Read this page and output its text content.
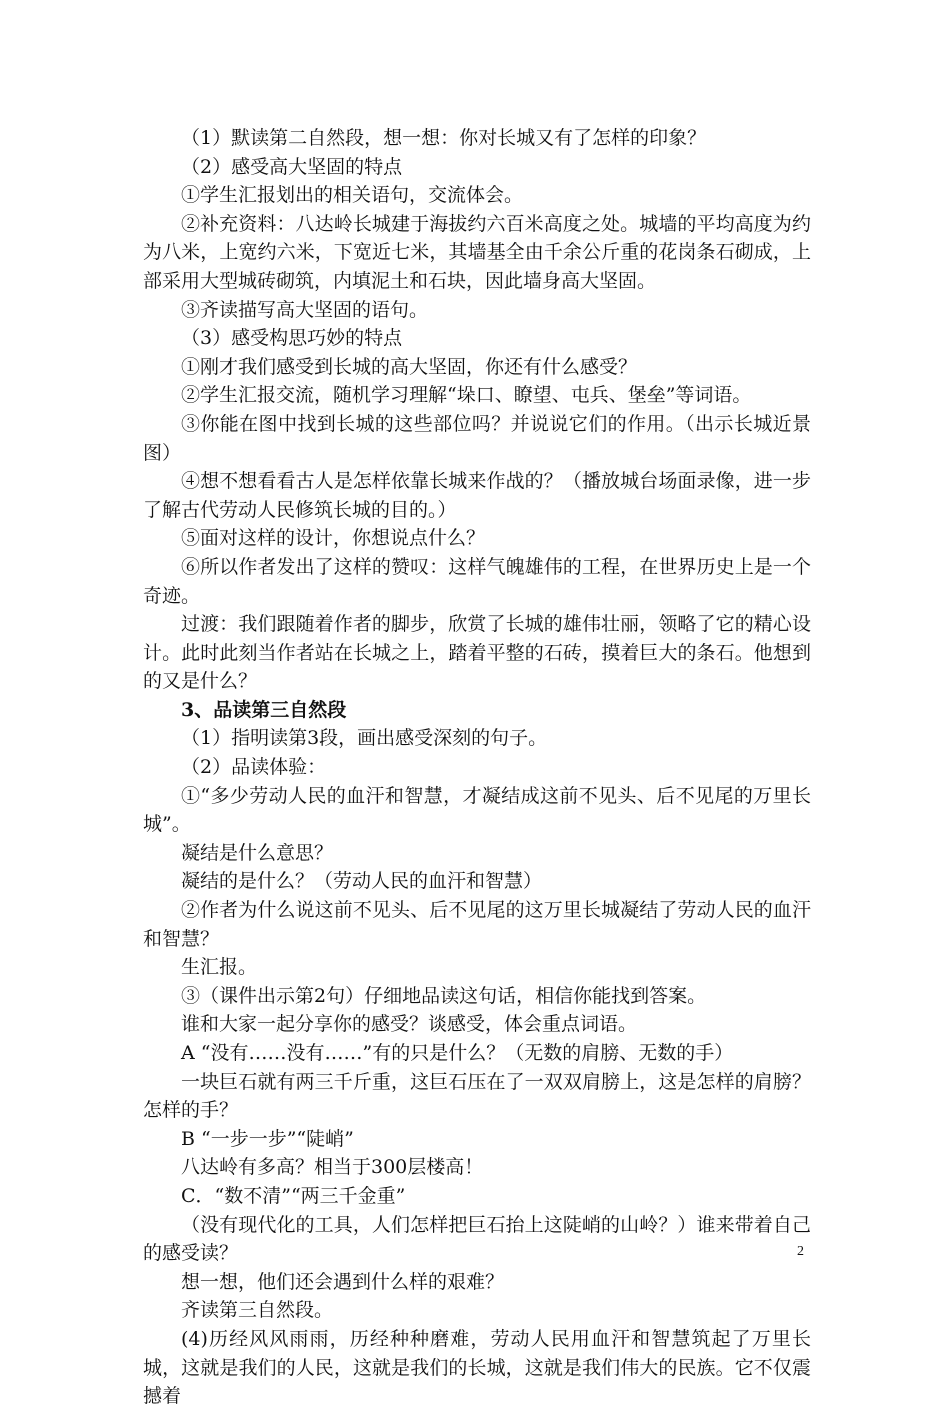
（1）默读第二自然段，想一想：你对长城又有了怎样的印象？

（2）感受高大坚固的特点

①学生汇报划出的相关语句，交流体会。

②补充资料：八达岭长城建于海拔约六百米高度之处。城墙的平均高度为约为八米，上宽约六米，下宽近七米，其墙基全由千余公斤重的花岗条石砌成，上部采用大型城砖砌筑，内填泥土和石块，因此墙身高大坚固。

③齐读描写高大坚固的语句。

（3）感受构思巧妙的特点

①刚才我们感受到长城的高大坚固，你还有什么感受？

②学生汇报交流，随机学习理解“垛口、瞭望、屯兵、堡垒”等词语。

③你能在图中找到长城的这些部位吗？并说说它们的作用。（出示长城近景图）

④想不想看看古人是怎样依靠长城来作战的？（播放城台场面录像，进一步了解古代劳动人民修筑长城的目的。）

⑤面对这样的设计，你想说点什么？

⑥所以作者发出了这样的赞叹：这样气魄雄伟的工程，在世界历史上是一个奇迹。

过渡：我们跟随着作者的脚步，欣赏了长城的雄伟壮丽，领略了它的精心设计。此时此刻当作者站在长城之上，踏着平整的石砖，摸着巨大的条石。他想到的又是什么？

3、品读第三自然段

（1）指明读第3段，画出感受深刻的句子。

（2）品读体验：

①“多少劳动人民的血汗和智慧，才凝结成这前不见头、后不见尾的万里长城”。

凝结是什么意思？

凝结的是什么？（劳动人民的血汗和智慧）

②作者为什么说这前不见头、后不见尾的这万里长城凝结了劳动人民的血汗和智慧？

生汇报。

③（课件出示第2句）仔细地品读这句话，相信你能找到答案。

谁和大家一起分享你的感受？谈感受，体会重点词语。

A “没有……没有……”有的只是什么？（无数的肩膀、无数的手）

一块巨石就有两三千斤重，这巨石压在了一双双肩膀上，这是怎样的肩膀？怎样的手？

B “一步一步”“陡峭”

八达岭有多高？相当于300层楼高！

C．“数不清”“两三千金重”

（没有现代化的工具，人们怎样把巨石抬上这陡峭的山岭？）谁来带着自己的感受读？

想一想，他们还会遇到什么样的艰难？

齐读第三自然段。

(4)历经风风雨雨，历经种种磨难，劳动人民用血汗和智慧筑起了万里长城，这就是我们的人民，这就是我们的长城，这就是我们伟大的民族。它不仅震撼着

2
